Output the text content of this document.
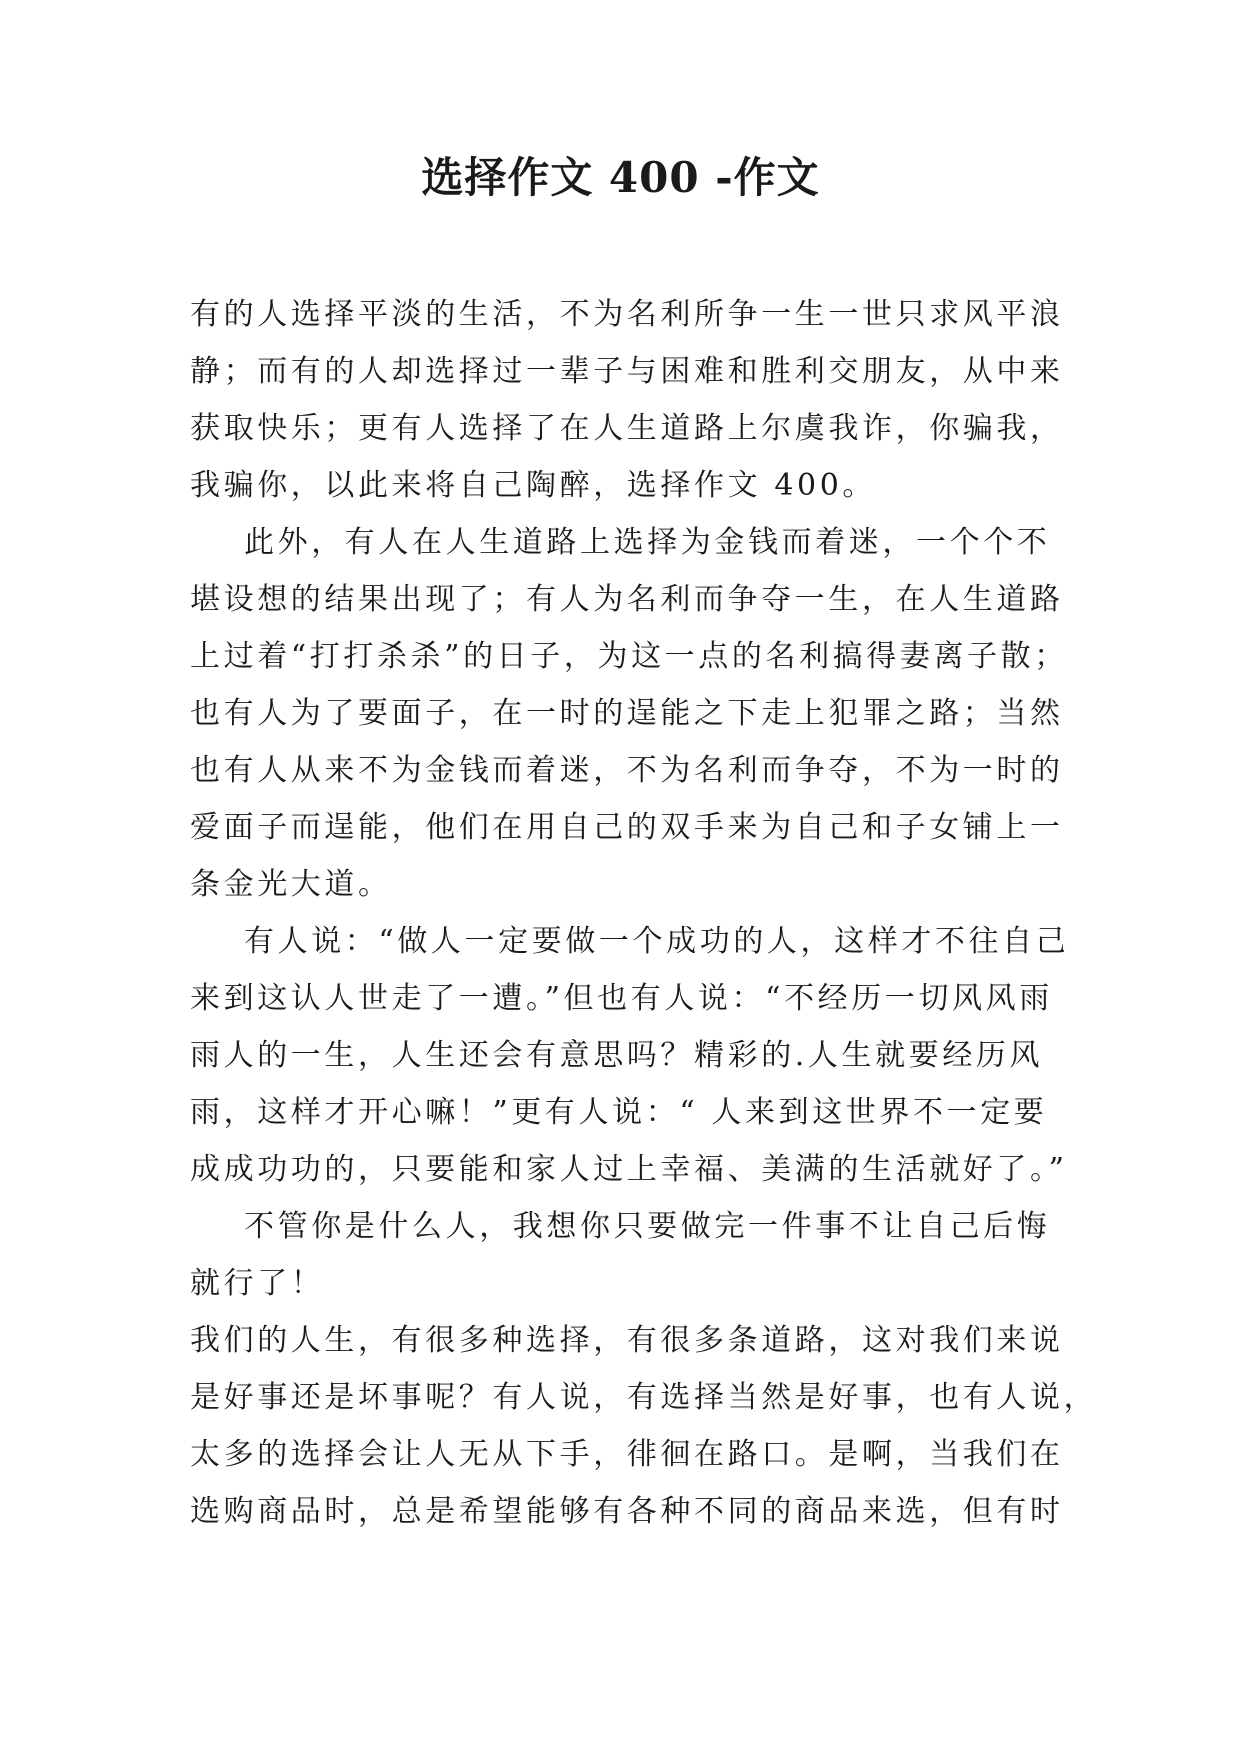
选择作文 400 -作文
有的人选择平淡的生活，不为名利所争一生一世只求风平浪
静；而有的人却选择过一辈子与困难和胜利交朋友，从中来
获取快乐；更有人选择了在人生道路上尔虞我诈，你骗我，
我骗你，以此来将自己陶醉，选择作文 400。
此外，有人在人生道路上选择为金钱而着迷，一个个不
堪设想的结果出现了；有人为名利而争夺一生，在人生道路
上过着“打打杀杀”的日子，为这一点的名利搞得妻离子散；
也有人为了要面子，在一时的逞能之下走上犯罪之路；当然
也有人从来不为金钱而着迷，不为名利而争夺，不为一时的
爱面子而逞能，他们在用自己的双手来为自己和子女铺上一
条金光大道。
有人说：“做人一定要做一个成功的人，这样才不往自己
来到这认人世走了一遭。”但也有人说：“不经历一切风风雨
雨人的一生，人生还会有意思吗？精彩的.人生就要经历风
雨，这样才开心嘛！”更有人说：“ 人来到这世界不一定要
成成功功的，只要能和家人过上幸福、美满的生活就好了。”
不管你是什么人，我想你只要做完一件事不让自己后悔
就行了！
我们的人生，有很多种选择，有很多条道路，这对我们来说
是好事还是坏事呢？有人说，有选择当然是好事，也有人说，
太多的选择会让人无从下手，徘徊在路口。是啊，当我们在
选购商品时，总是希望能够有各种不同的商品来选，但有时
